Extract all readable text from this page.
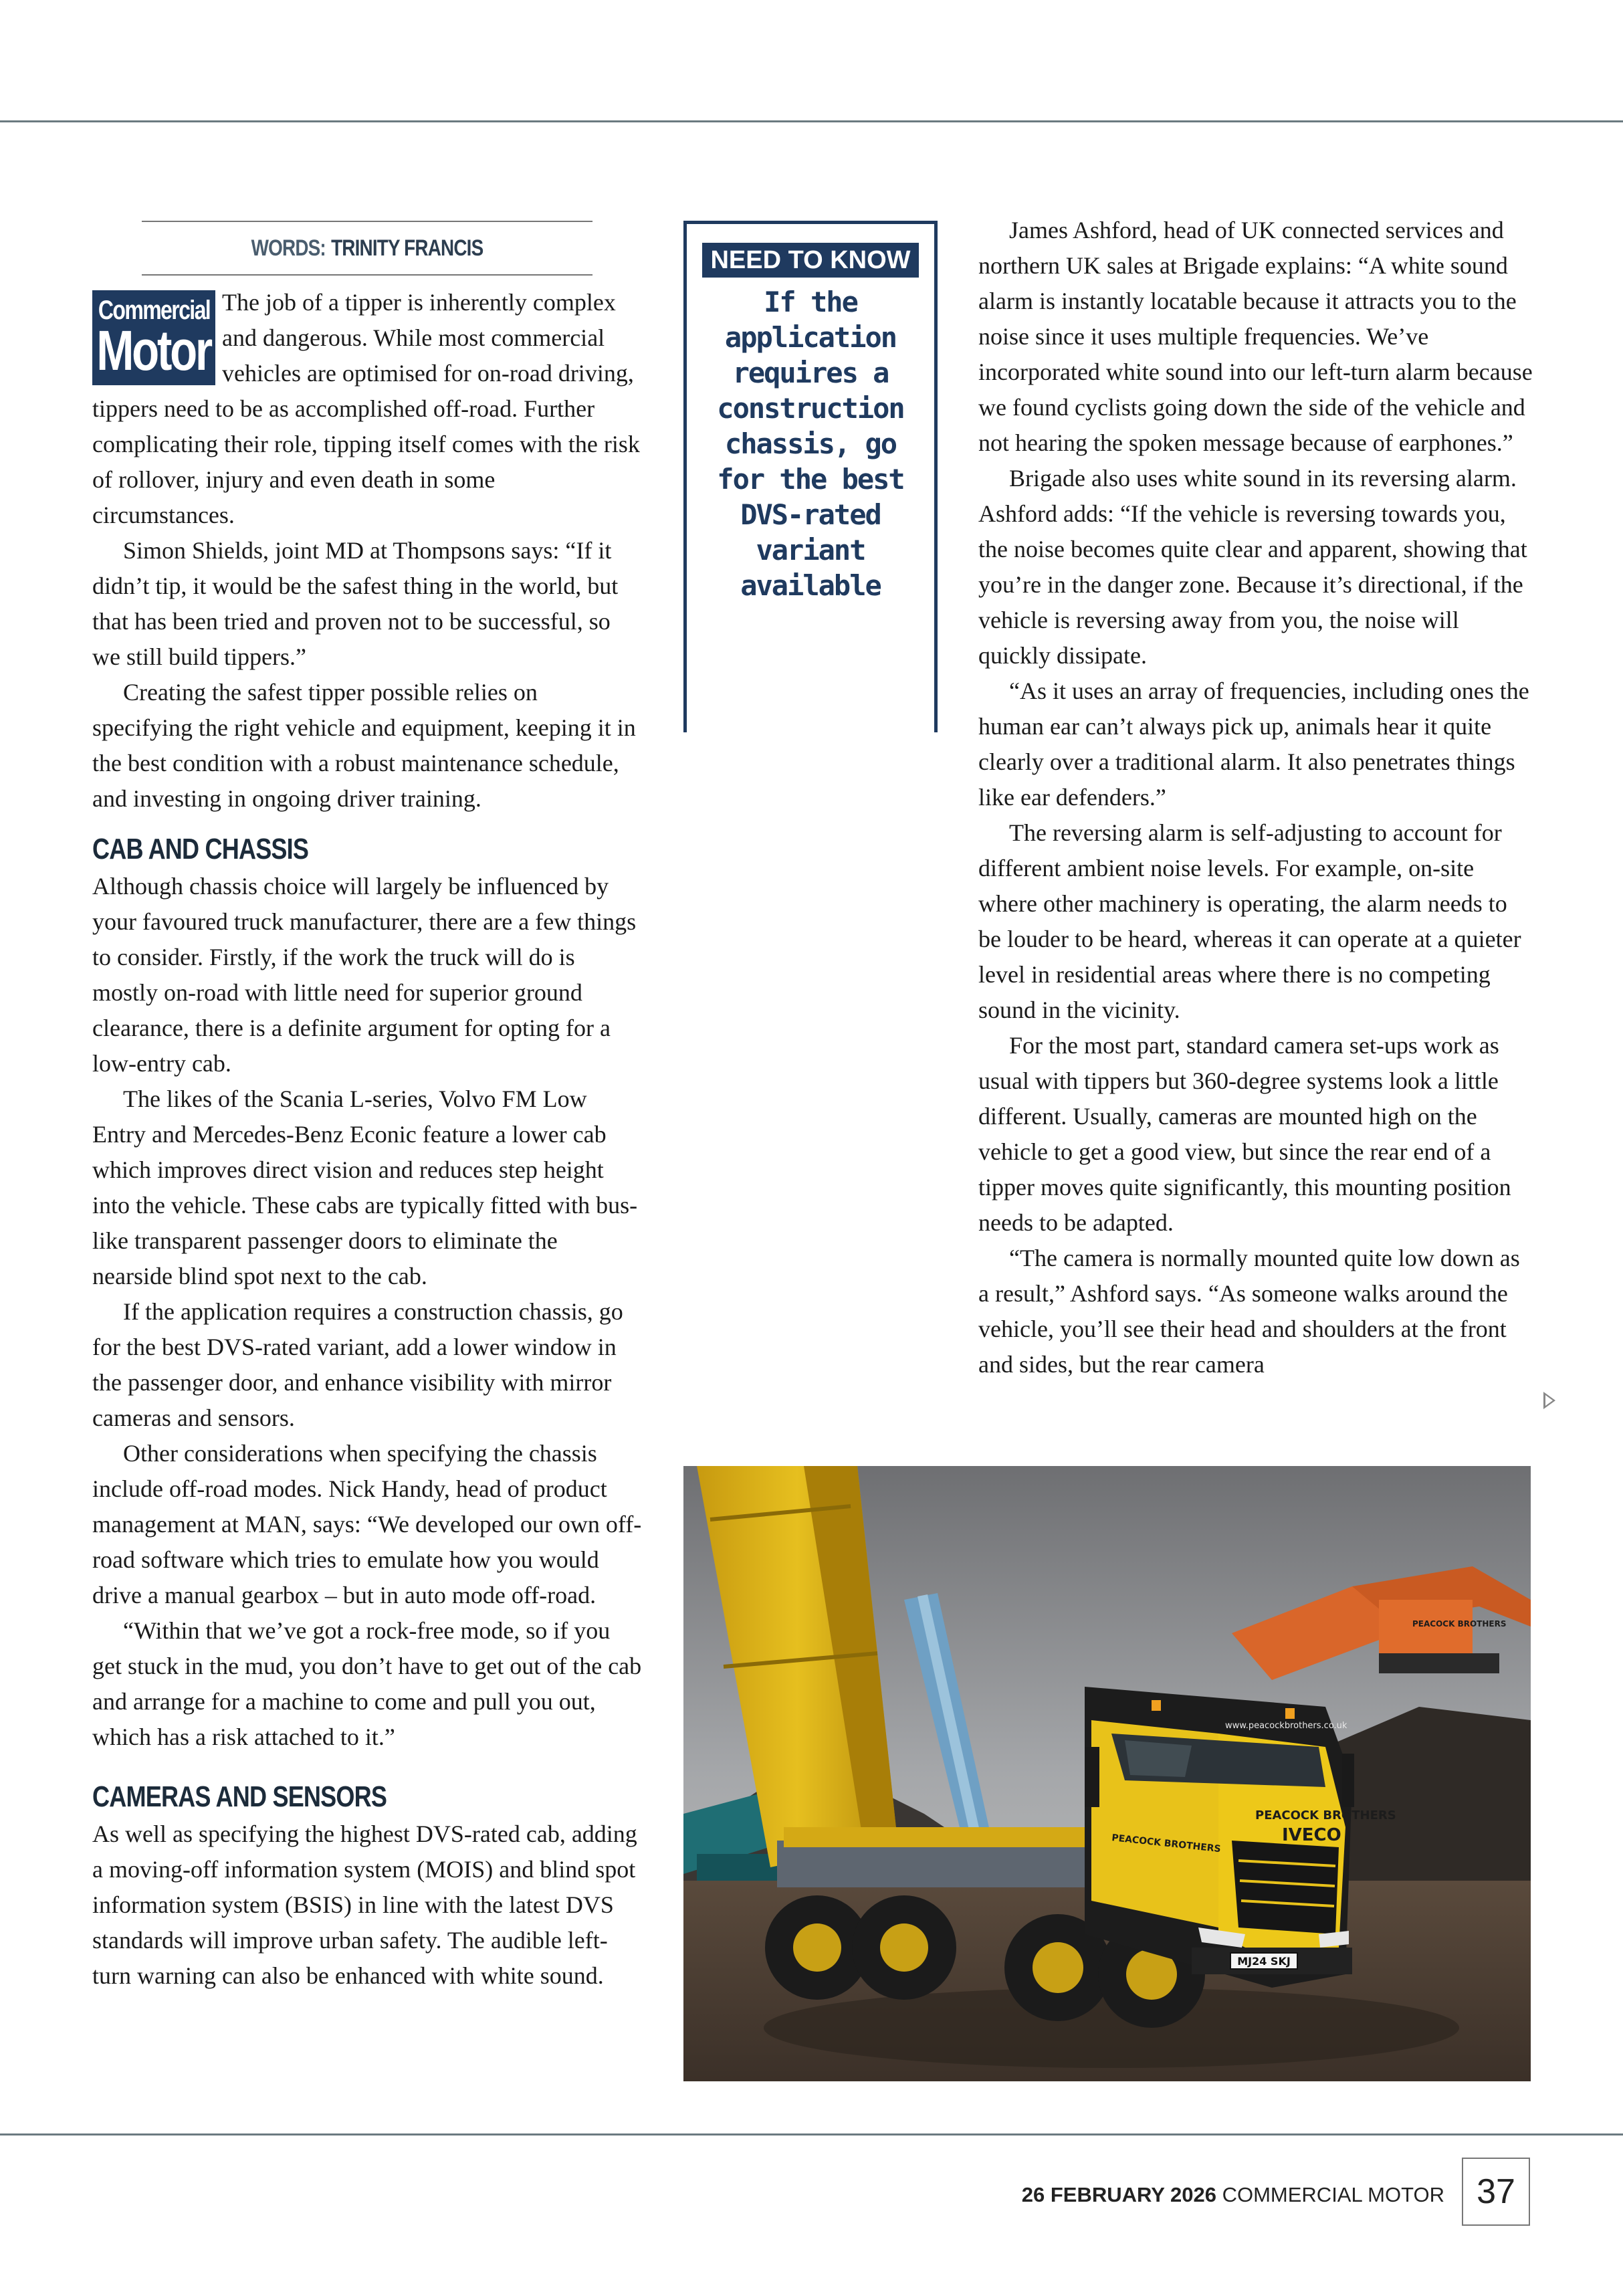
WORDS: TRINITY FRANCIS
Commercial
Motor

The job of a tipper is inherently complex and dangerous. While most commercial vehicles are optimised for on-road driving, tippers need to be as accomplished off-road. Further complicating their role, tipping itself comes with the risk of rollover, injury and even death in some circumstances.

Simon Shields, joint MD at Thompsons says: “If it didn’t tip, it would be the safest thing in the world, but that has been tried and proven not to be successful, so we still build tippers.”

Creating the safest tipper possible relies on specifying the right vehicle and equipment, keeping it in the best condition with a robust maintenance schedule, and investing in ongoing driver training.

CAB AND CHASSIS

Although chassis choice will largely be influenced by your favoured truck manufacturer, there are a few things to consider. Firstly, if the work the truck will do is mostly on-road with little need for superior ground clearance, there is a definite argument for opting for a low-entry cab.

The likes of the Scania L-series, Volvo FM Low Entry and Mercedes-Benz Econic feature a lower cab which improves direct vision and reduces step height into the vehicle. These cabs are typically fitted with bus-like transparent passenger doors to eliminate the nearside blind spot next to the cab.

If the application requires a construction chassis, go for the best DVS-rated variant, add a lower window in the passenger door, and enhance visibility with mirror cameras and sensors.

Other considerations when specifying the chassis include off-road modes. Nick Handy, head of product management at MAN, says: “We developed our own off-road software which tries to emulate how you would drive a manual gearbox – but in auto mode off-road.

“Within that we’ve got a rock-free mode, so if you get stuck in the mud, you don’t have to get out of the cab and arrange for a machine to come and pull you out, which has a risk attached to it.”

CAMERAS AND SENSORS

As well as specifying the highest DVS-rated cab, adding a moving-off information system (MOIS) and blind spot information system (BSIS) in line with the latest DVS standards will improve urban safety. The audible left-turn warning can also be enhanced with white sound.

NEED TO KNOW
If the application requires a construction chassis, go for the best DVS-rated variant available

James Ashford, head of UK connected services and northern UK sales at Brigade explains: “A white sound alarm is instantly locatable because it attracts you to the noise since it uses multiple frequencies. We’ve incorporated white sound into our left-turn alarm because we found cyclists going down the side of the vehicle and not hearing the spoken message because of earphones.”

Brigade also uses white sound in its reversing alarm. Ashford adds: “If the vehicle is reversing towards you, the noise becomes quite clear and apparent, showing that you’re in the danger zone. Because it’s directional, if the vehicle is reversing away from you, the noise will quickly dissipate.

“As it uses an array of frequencies, including ones the human ear can’t always pick up, animals hear it quite clearly over a traditional alarm. It also penetrates things like ear defenders.”

The reversing alarm is self-adjusting to account for different ambient noise levels. For example, on-site where other machinery is operating, the alarm needs to be louder to be heard, whereas it can operate at a quieter level in residential areas where there is no competing sound in the vicinity.

For the most part, standard camera set-ups work as usual with tippers but 360-degree systems look a little different. Usually, cameras are mounted high on the vehicle to get a good view, but since the rear end of a tipper moves quite significantly, this mounting position needs to be adapted.

“The camera is normally mounted quite low down as a result,” Ashford says. “As someone walks around the vehicle, you’ll see their head and shoulders at the front and sides, but the rear camera

MJ24 SKJ
www.peacockbrothers.co.uk
PEACOCK BROTHERS
IVECO
PEACOCK BROTHERS
PEACOCK BROTHERS
26 FEBRUARY 2026 COMMERCIAL MOTOR 37
